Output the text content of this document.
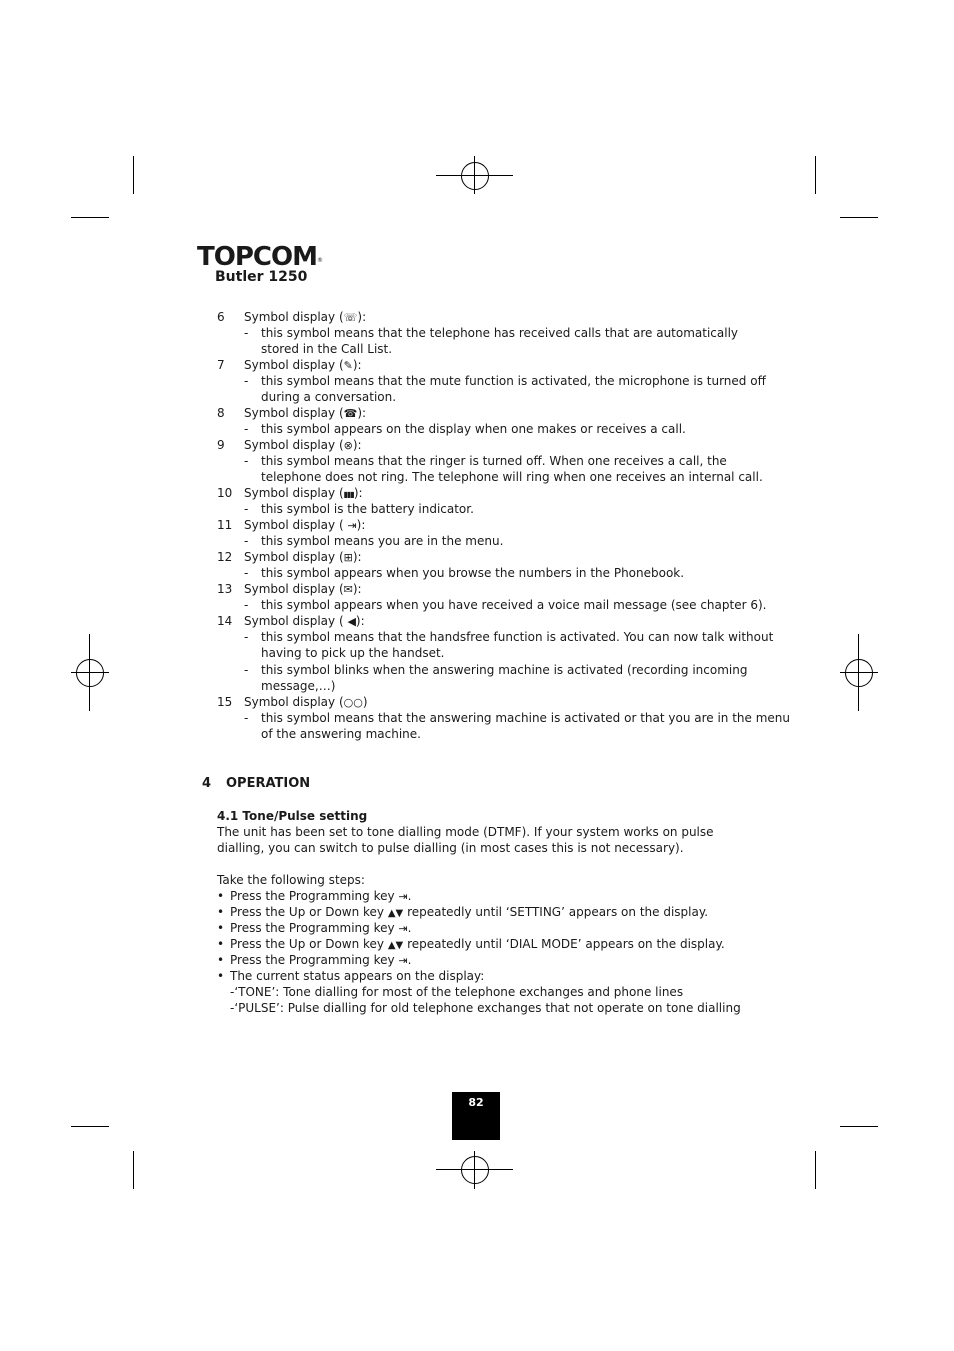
TOPCOM®
Butler 1250
6 Symbol display (☏):
- this symbol means that the telephone has received calls that are automatically
stored in the Call List.
7 Symbol display (✎):
- this symbol means that the mute function is activated, the microphone is turned off
during a conversation.
8 Symbol display (☎):
- this symbol appears on the display when one makes or receives a call.
9 Symbol display (⊗):
- this symbol means that the ringer is turned off. When one receives a call, the
telephone does not ring. The telephone will ring when one receives an internal call.
10 Symbol display (▮▮▮):
- this symbol is the battery indicator.
11 Symbol display ( ⇥):
- this symbol means you are in the menu.
12 Symbol display (⊞):
- this symbol appears when you browse the numbers in the Phonebook.
13 Symbol display (✉):
- this symbol appears when you have received a voice mail message (see chapter 6).
14 Symbol display ( ◀):
- this symbol means that the handsfree function is activated. You can now talk without
having to pick up the handset.
- this symbol blinks when the answering machine is activated (recording incoming
message,…)
15 Symbol display (○○)
- this symbol means that the answering machine is activated or that you are in the menu
of the answering machine.
4 OPERATION
4.1 Tone/Pulse setting
The unit has been set to tone dialling mode (DTMF). If your system works on pulse dialling, you can switch to pulse dialling (in most cases this is not necessary).
Take the following steps:
• Press the Programming key ⇥.
• Press the Up or Down key ▲▼ repeatedly until ‘SETTING’ appears on the display.
• Press the Programming key ⇥.
• Press the Up or Down key ▲▼ repeatedly until ‘DIAL MODE’ appears on the display.
• Press the Programming key ⇥.
• The current status appears on the display:
-‘TONE’: Tone dialling for most of the telephone exchanges and phone lines
-‘PULSE’: Pulse dialling for old telephone exchanges that not operate on tone dialling
82
